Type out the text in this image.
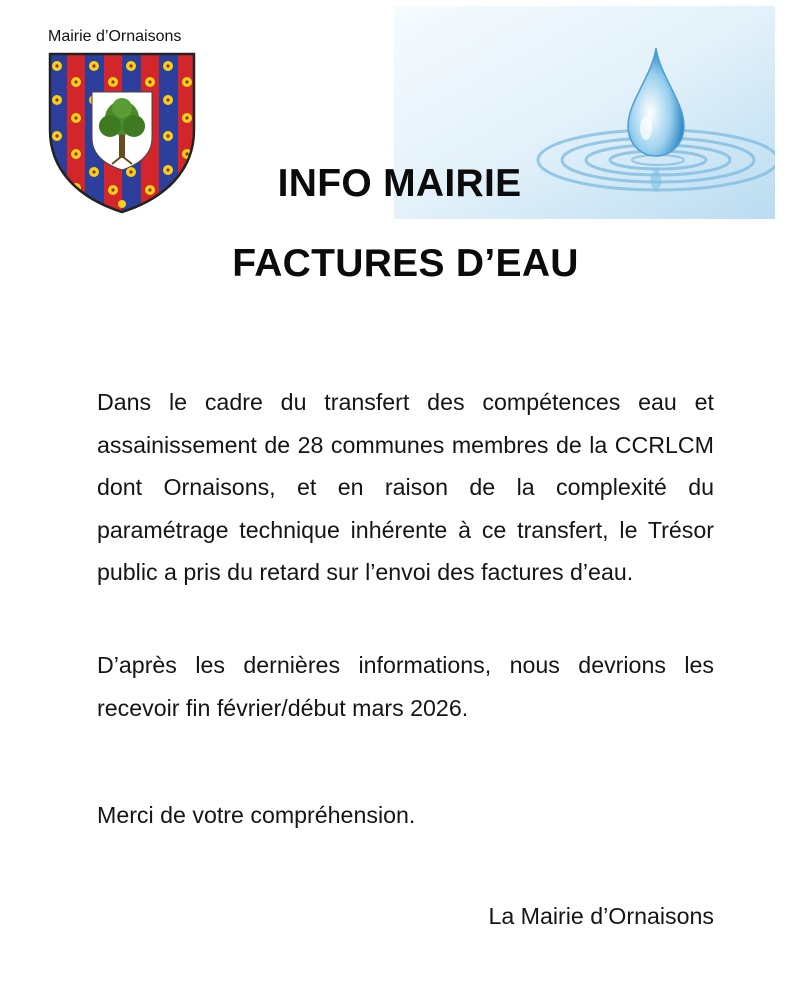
Mairie d’Ornaisons
INFO MAIRIE
FACTURES D’EAU
Dans le cadre du transfert des compétences eau et assainissement de 28 communes membres de la CCRLCM dont Ornaisons, et en raison de la complexité du paramétrage technique inhérente à ce transfert, le Trésor public a pris du retard sur l’envoi des factures d’eau.
D’après les dernières informations, nous devrions les recevoir fin février/début mars 2026.
Merci de votre compréhension.
La Mairie d’Ornaisons
